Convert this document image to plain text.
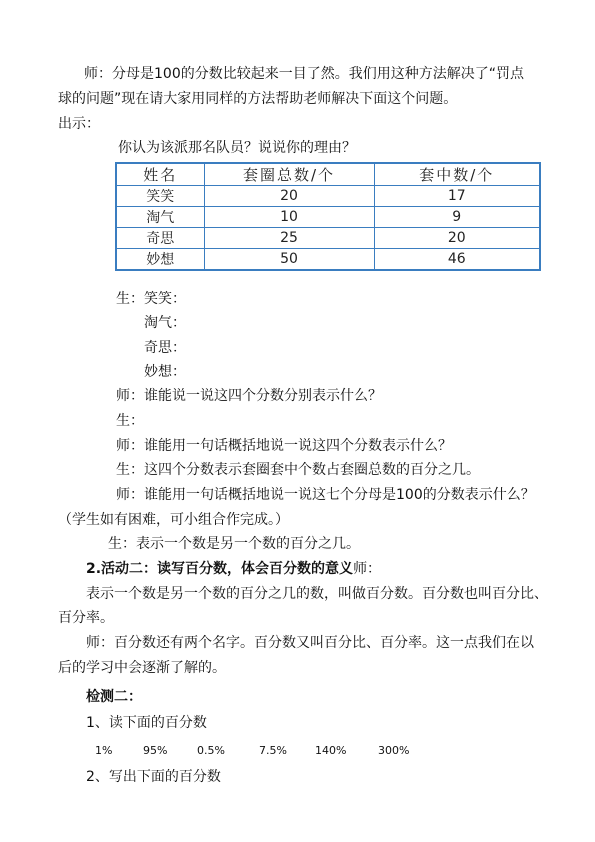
师：分母是100的分数比较起来一目了然。我们用这种方法解决了“罚点
球的问题”现在请大家用同样的方法帮助老师解决下面这个问题。
出示：
你认为该派那名队员？说说你的理由？
姓名	套圈总数/个	套中数/个
笑笑	20	17
淘气	10	9
奇思	25	20
妙想	50	46
生：笑笑：
淘气：
奇思：
妙想：
师：谁能说一说这四个分数分别表示什么？
生：
师：谁能用一句话概括地说一说这四个分数表示什么？
生：这四个分数表示套圈套中个数占套圈总数的百分之几。
师：谁能用一句话概括地说一说这七个分母是100的分数表示什么？
（学生如有困难，可小组合作完成。）
生：表示一个数是另一个数的百分之几。
2.活动二：读写百分数，体会百分数的意义师：
表示一个数是另一个数的百分之几的数，叫做百分数。百分数也叫百分比、
百分率。
师：百分数还有两个名字。百分数又叫百分比、百分率。这一点我们在以
后的学习中会逐渐了解的。
检测二：
1、读下面的百分数
1%	95%	0.5%	7.5%	140%	300%
2、写出下面的百分数
